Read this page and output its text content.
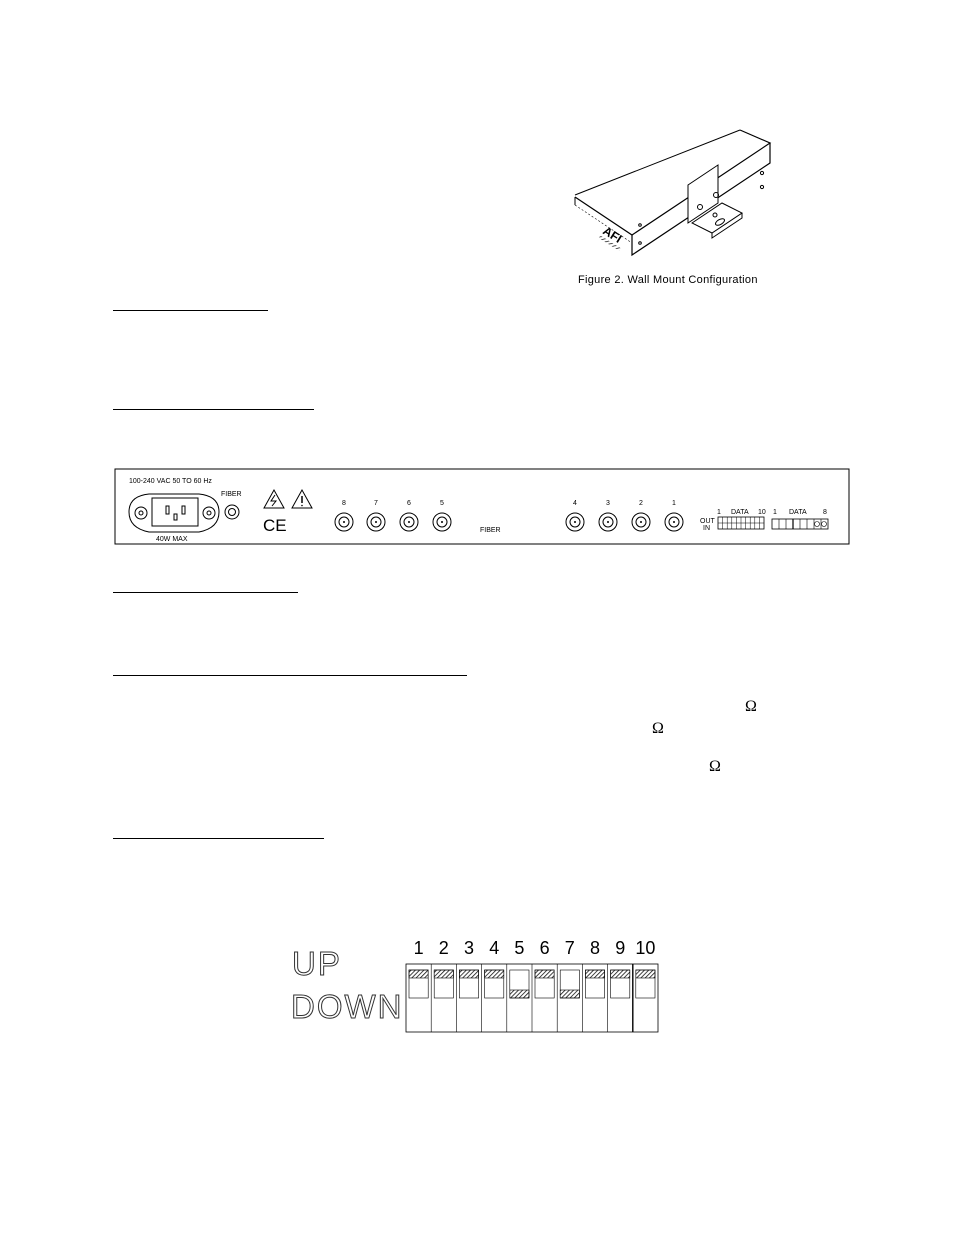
AFI
Figure 2. Wall Mount Configuration
100-240 VAC 50 TO 60 Hz
40W MAX
FIBER
CE
8	7	6	5
FIBER
4	3	2	1
1 DATA 10
OUT
IN
1 DATA 8
Ω
Ω
Ω
UP
DOWN
1 2 3 4 5 6 7 8 9 10
